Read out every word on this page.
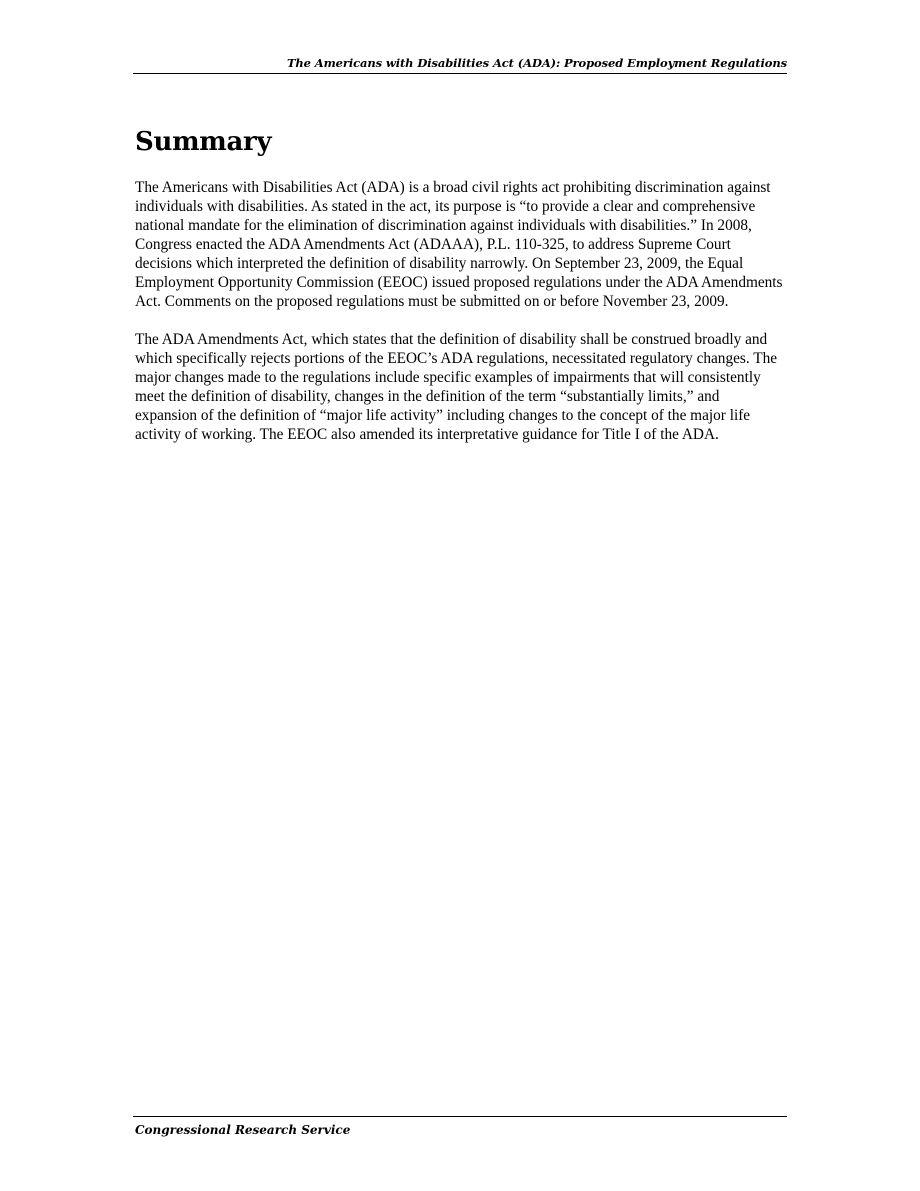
The Americans with Disabilities Act (ADA): Proposed Employment Regulations
Summary

The Americans with Disabilities Act (ADA) is a broad civil rights act prohibiting discrimination against individuals with disabilities. As stated in the act, its purpose is “to provide a clear and comprehensive national mandate for the elimination of discrimination against individuals with disabilities.” In 2008, Congress enacted the ADA Amendments Act (ADAAA), P.L. 110-325, to address Supreme Court decisions which interpreted the definition of disability narrowly. On September 23, 2009, the Equal Employment Opportunity Commission (EEOC) issued proposed regulations under the ADA Amendments Act. Comments on the proposed regulations must be submitted on or before November 23, 2009.

The ADA Amendments Act, which states that the definition of disability shall be construed broadly and which specifically rejects portions of the EEOC’s ADA regulations, necessitated regulatory changes. The major changes made to the regulations include specific examples of impairments that will consistently meet the definition of disability, changes in the definition of the term “substantially limits,” and expansion of the definition of “major life activity” including changes to the concept of the major life activity of working. The EEOC also amended its interpretative guidance for Title I of the ADA.

Congressional Research Service
